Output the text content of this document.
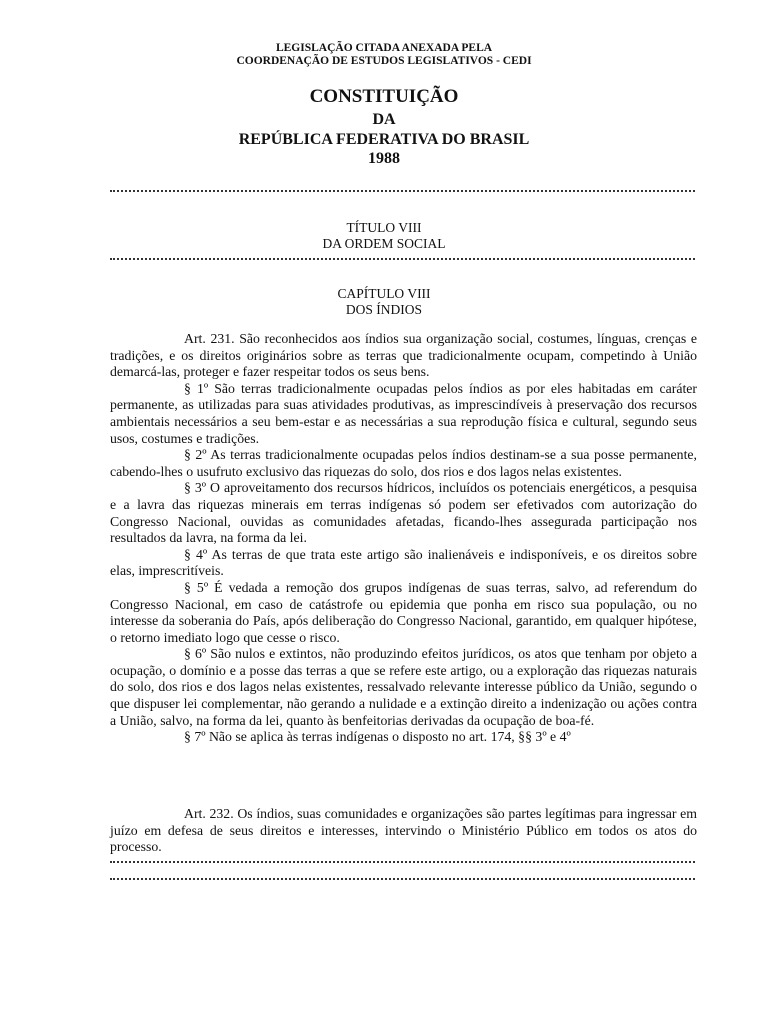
LEGISLAÇÃO CITADA ANEXADA PELA
COORDENAÇÃO DE ESTUDOS LEGISLATIVOS - CEDI
CONSTITUIÇÃO
DA
REPÚBLICA FEDERATIVA DO BRASIL
1988
TÍTULO VIII
DA ORDEM SOCIAL
CAPÍTULO VIII
DOS ÍNDIOS

Art. 231. São reconhecidos aos índios sua organização social, costumes, línguas, crenças e tradições, e os direitos originários sobre as terras que tradicionalmente ocupam, competindo à União demarcá-las, proteger e fazer respeitar todos os seus bens.

§ 1º São terras tradicionalmente ocupadas pelos índios as por eles habitadas em caráter permanente, as utilizadas para suas atividades produtivas, as imprescindíveis à preservação dos recursos ambientais necessários a seu bem-estar e as necessárias a sua reprodução física e cultural, segundo seus usos, costumes e tradições.

§ 2º As terras tradicionalmente ocupadas pelos índios destinam-se a sua posse permanente, cabendo-lhes o usufruto exclusivo das riquezas do solo, dos rios e dos lagos nelas existentes.

§ 3º O aproveitamento dos recursos hídricos, incluídos os potenciais energéticos, a pesquisa e a lavra das riquezas minerais em terras indígenas só podem ser efetivados com autorização do Congresso Nacional, ouvidas as comunidades afetadas, ficando-lhes assegurada participação nos resultados da lavra, na forma da lei.

§ 4º As terras de que trata este artigo são inalienáveis e indisponíveis, e os direitos sobre elas, imprescritíveis.

§ 5º É vedada a remoção dos grupos indígenas de suas terras, salvo, ad referendum do Congresso Nacional, em caso de catástrofe ou epidemia que ponha em risco sua população, ou no interesse da soberania do País, após deliberação do Congresso Nacional, garantido, em qualquer hipótese, o retorno imediato logo que cesse o risco.

§ 6º São nulos e extintos, não produzindo efeitos jurídicos, os atos que tenham por objeto a ocupação, o domínio e a posse das terras a que se refere este artigo, ou a exploração das riquezas naturais do solo, dos rios e dos lagos nelas existentes, ressalvado relevante interesse público da União, segundo o que dispuser lei complementar, não gerando a nulidade e a extinção direito a indenização ou ações contra a União, salvo, na forma da lei, quanto às benfeitorias derivadas da ocupação de boa-fé.

§ 7º Não se aplica às terras indígenas o disposto no art. 174, §§ 3º e 4º

Art. 232. Os índios, suas comunidades e organizações são partes legítimas para ingressar em juízo em defesa de seus direitos e interesses, intervindo o Ministério Público em todos os atos do processo.
